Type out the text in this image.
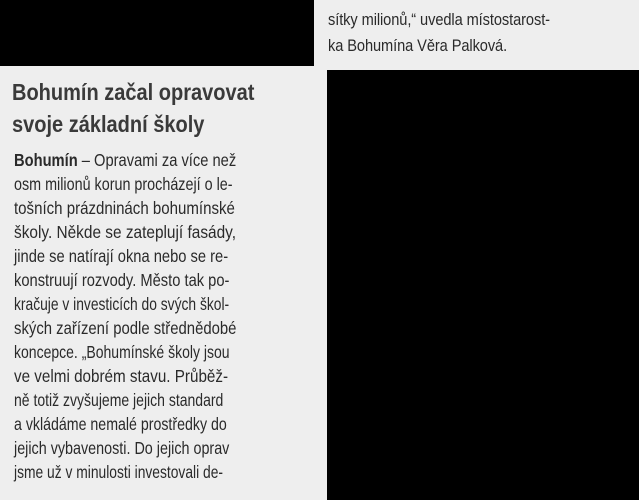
sítky milionů,“ uvedla místostarost-
ka Bohumína Věra Palková.
Bohumín začal opravovat
svoje základní školy
Bohumín – Opravami za více než
osm milionů korun procházejí o le-
tošních prázdninách bohumínské
školy. Někde se zateplují fasády,
jinde se natírají okna nebo se re-
konstruují rozvody. Město tak po-
kračuje v investicích do svých škol-
ských zařízení podle střednědobé
koncepce. „Bohumínské školy jsou
ve velmi dobrém stavu. Průběž-
ně totiž zvyšujeme jejich standard
a vkládáme nemalé prostředky do
jejich vybavenosti. Do jejich oprav
jsme už v minulosti investovali de-
